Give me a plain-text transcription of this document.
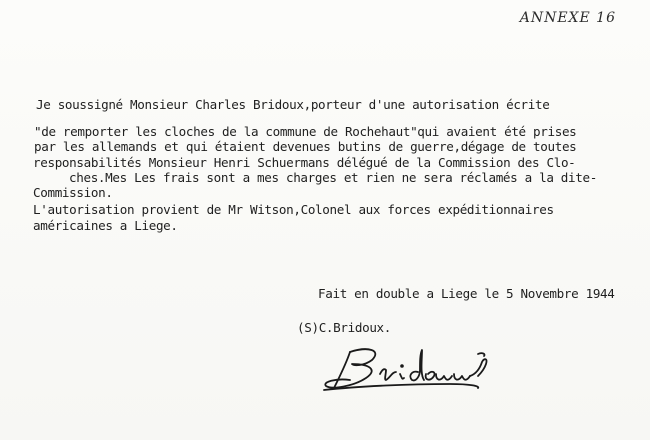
ANNEXE 16
Je soussigné Monsieur Charles Bridoux,porteur d'une autorisation écrite
"de remporter les cloches de la commune de Rochehaut"qui avaient été prises
par les allemands et qui étaient devenues butins de guerre,dégage de toutes
responsabilités Monsieur Henri Schuermans délégué de la Commission des Clo-
ches.Mes Les frais sont a mes charges et rien ne sera réclamés a la dite-
Commission.
L'autorisation provient de Mr Witson,Colonel aux forces expéditionnaires
américaines a Liege.
Fait en double a Liege le 5 Novembre 1944
(S)C.Bridoux.
